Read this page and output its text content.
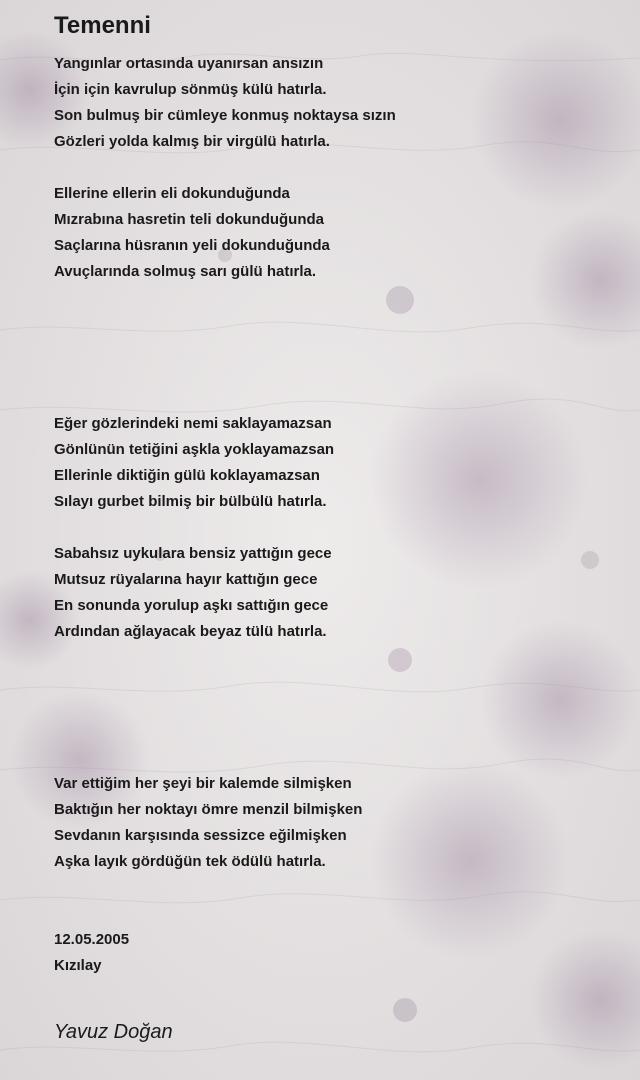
Temenni
Yangınlar ortasında uyanırsan ansızın
İçin için kavrulup sönmüş külü hatırla.
Son bulmuş bir cümleye konmuş noktaysa sızın
Gözleri yolda kalmış bir virgülü hatırla.
Ellerine ellerin eli dokunduğunda
Mızrabına hasretin teli dokunduğunda
Saçlarına hüsranın yeli dokunduğunda
Avuçlarında solmuş sarı gülü hatırla.
Eğer gözlerindeki nemi saklayamazsan
Gönlünün tetiğini aşkla yoklayamazsan
Ellerinle diktiğin gülü koklayamazsan
Sılayı gurbet bilmiş bir bülbülü hatırla.
Sabahsız uykulara bensiz yattığın gece
Mutsuz rüyalarına hayır kattığın gece
En sonunda yorulup aşkı sattığın gece
Ardından ağlayacak beyaz tülü hatırla.
Var ettiğim her şeyi bir kalemde silmişken
Baktığın her noktayı ömre menzil bilmişken
Sevdanın karşısında sessizce eğilmişken
Aşka layık gördüğün tek ödülü hatırla.
12.05.2005
Kızılay
Yavuz Doğan
